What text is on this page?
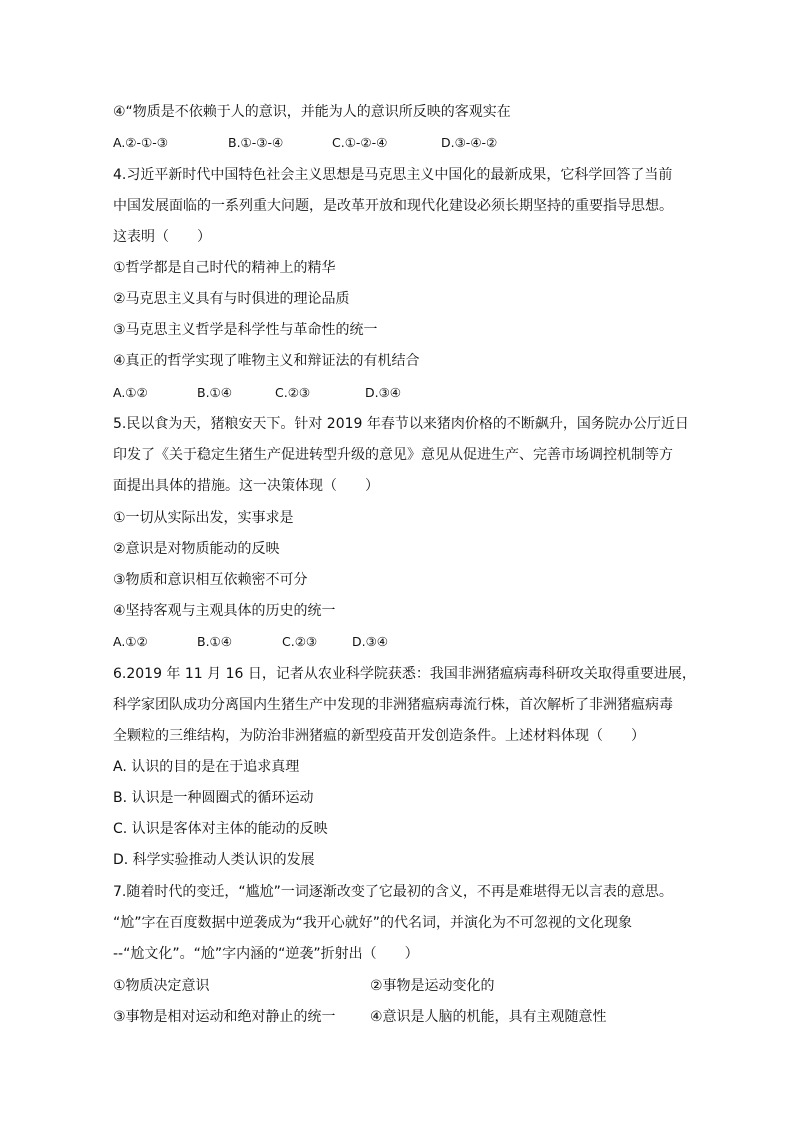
④“物质是不依赖于人的意识，并能为人的意识所反映的客观实在
A.②-①-③	B.①-③-④	C.①-②-④	D.③-④-②
4.习近平新时代中国特色社会主义思想是马克思主义中国化的最新成果，它科学回答了当前
中国发展面临的一系列重大问题，是改革开放和现代化建设必须长期坚持的重要指导思想。
这表明（　　）
①哲学都是自己时代的精神上的精华
②马克思主义具有与时俱进的理论品质
③马克思主义哲学是科学性与革命性的统一
④真正的哲学实现了唯物主义和辩证法的有机结合
A.①②	B.①④	C.②③	D.③④
5.民以食为天，猪粮安天下。针对 2019 年春节以来猪肉价格的不断飙升，国务院办公厅近日
印发了《关于稳定生猪生产促进转型升级的意见》意见从促进生产、完善市场调控机制等方
面提出具体的措施。这一决策体现（　　）
①一切从实际出发，实事求是
②意识是对物质能动的反映
③物质和意识相互依赖密不可分
④坚持客观与主观具体的历史的统一
A.①②	B.①④	C.②③	D.③④
6.2019 年 11 月 16 日，记者从农业科学院获悉：我国非洲猪瘟病毒科研攻关取得重要进展，
科学家团队成功分离国内生猪生产中发现的非洲猪瘟病毒流行株，首次解析了非洲猪瘟病毒
全颗粒的三维结构，为防治非洲猪瘟的新型疫苗开发创造条件。上述材料体现（　　）
A. 认识的目的是在于追求真理
B. 认识是一种圆圈式的循环运动
C. 认识是客体对主体的能动的反映
D. 科学实验推动人类认识的发展
7.随着时代的变迁，“尴尬”一词逐渐改变了它最初的含义，不再是难堪得无以言表的意思。
“尬”字在百度数据中逆袭成为“我开心就好”的代名词，并演化为不可忽视的文化现象
--“尬文化”。“尬”字内涵的“逆袭”折射出（　　）
①物质决定意识	②事物是运动变化的
③事物是相对运动和绝对静止的统一 ④意识是人脑的机能，具有主观随意性
